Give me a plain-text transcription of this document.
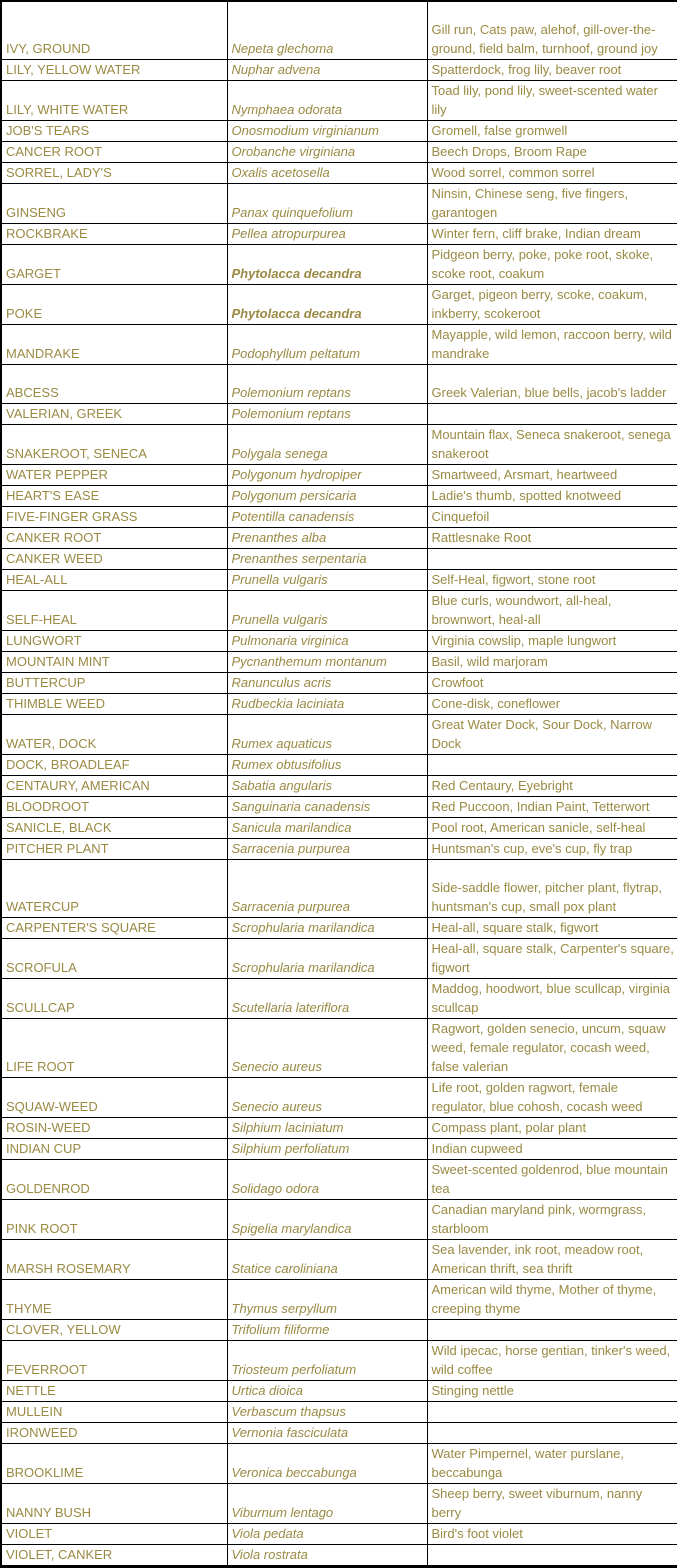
IVY, GROUND	Nepeta glechoma	Gill run, Cats paw, alehof, gill-over-the-ground, field balm, turnhoof, ground joy
LILY, YELLOW WATER	Nuphar advena	Spatterdock, frog lily, beaver root
LILY, WHITE WATER	Nymphaea odorata	Toad lily, pond lily, sweet-scented water lily
JOB'S TEARS	Onosmodium virginianum	Gromell, false gromwell
CANCER ROOT	Orobanche virginiana	Beech Drops, Broom Rape
SORREL, LADY'S	Oxalis acetosella	Wood sorrel, common sorrel
GINSENG	Panax quinquefolium	Ninsin, Chinese seng, five fingers, garantogen
ROCKBRAKE	Pellea atropurpurea	Winter fern, cliff brake, Indian dream
GARGET	Phytolacca decandra	Pidgeon berry, poke, poke root, skoke, scoke root, coakum
POKE	Phytolacca decandra	Garget, pigeon berry, scoke, coakum, inkberry, scokeroot
MANDRAKE	Podophyllum peltatum	Mayapple, wild lemon, raccoon berry, wild mandrake
ABCESS	Polemonium reptans	Greek Valerian, blue bells, jacob's ladder
VALERIAN, GREEK	Polemonium reptans	
SNAKEROOT, SENECA	Polygala senega	Mountain flax, Seneca snakeroot, senega snakeroot
WATER PEPPER	Polygonum hydropiper	Smartweed, Arsmart, heartweed
HEART'S EASE	Polygonum persicaria	Ladie's thumb, spotted knotweed
FIVE-FINGER GRASS	Potentilla canadensis	Cinquefoil
CANKER ROOT	Prenanthes alba	Rattlesnake Root
CANKER WEED	Prenanthes serpentaria	
HEAL-ALL	Prunella vulgaris	Self-Heal, figwort, stone root
SELF-HEAL	Prunella vulgaris	Blue curls, woundwort, all-heal, brownwort, heal-all
LUNGWORT	Pulmonaria virginica	Virginia cowslip, maple lungwort
MOUNTAIN MINT	Pycnanthemum montanum	Basil, wild marjoram
BUTTERCUP	Ranunculus acris	Crowfoot
THIMBLE WEED	Rudbeckia laciniata	Cone-disk, coneflower
WATER, DOCK	Rumex aquaticus	Great Water Dock, Sour Dock, Narrow Dock
DOCK, BROADLEAF	Rumex obtusifolius	
CENTAURY, AMERICAN	Sabatia angularis	Red Centaury, Eyebright
BLOODROOT	Sanguinaria canadensis	Red Puccoon, Indian Paint, Tetterwort
SANICLE, BLACK	Sanicula marilandica	Pool root, American sanicle, self-heal
PITCHER PLANT	Sarracenia purpurea	Huntsman's cup, eve's cup, fly trap
WATERCUP	Sarracenia purpurea	Side-saddle flower, pitcher plant, flytrap, huntsman's cup, small pox plant
CARPENTER'S SQUARE	Scrophularia marilandica	Heal-all, square stalk, figwort
SCROFULA	Scrophularia marilandica	Heal-all, square stalk, Carpenter's square, figwort
SCULLCAP	Scutellaria lateriflora	Maddog, hoodwort, blue scullcap, virginia scullcap
LIFE ROOT	Senecio aureus	Ragwort, golden senecio, uncum, squaw weed, female regulator, cocash weed, false valerian
SQUAW-WEED	Senecio aureus	Life root, golden ragwort, female regulator, blue cohosh, cocash weed
ROSIN-WEED	Silphium laciniatum	Compass plant, polar plant
INDIAN CUP	Silphium perfoliatum	Indian cupweed
GOLDENROD	Solidago odora	Sweet-scented goldenrod, blue mountain tea
PINK ROOT	Spigelia marylandica	Canadian maryland pink, wormgrass, starbloom
MARSH ROSEMARY	Statice caroliniana	Sea lavender, ink root, meadow root, American thrift, sea thrift
THYME	Thymus serpyllum	American wild thyme, Mother of thyme, creeping thyme
CLOVER, YELLOW	Trifolium filiforme	
FEVERROOT	Triosteum perfoliatum	Wild ipecac, horse gentian, tinker's weed, wild coffee
NETTLE	Urtica dioica	Stinging nettle
MULLEIN	Verbascum thapsus	
IRONWEED	Vernonia fasciculata	
BROOKLIME	Veronica beccabunga	Water Pimpernel, water purslane, beccabunga
NANNY BUSH	Viburnum lentago	Sheep berry, sweet viburnum, nanny berry
VIOLET	Viola pedata	Bird's foot violet
VIOLET, CANKER	Viola rostrata	
